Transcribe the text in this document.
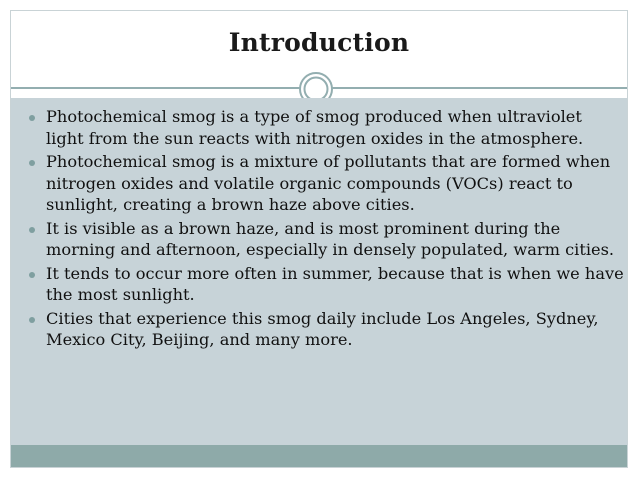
Introduction
Photochemical smog is a type of smog produced when ultraviolet light from the sun reacts with nitrogen oxides in the atmosphere.
Photochemical smog is a mixture of pollutants that are formed when nitrogen oxides and volatile organic compounds (VOCs) react to sunlight, creating a brown haze above cities.
It is visible as a brown haze, and is most prominent during the morning and afternoon, especially in densely populated, warm cities.
It tends to occur more often in summer, because that is when we have the most sunlight.
Cities that experience this smog daily include Los Angeles, Sydney, Mexico City, Beijing, and many more.
